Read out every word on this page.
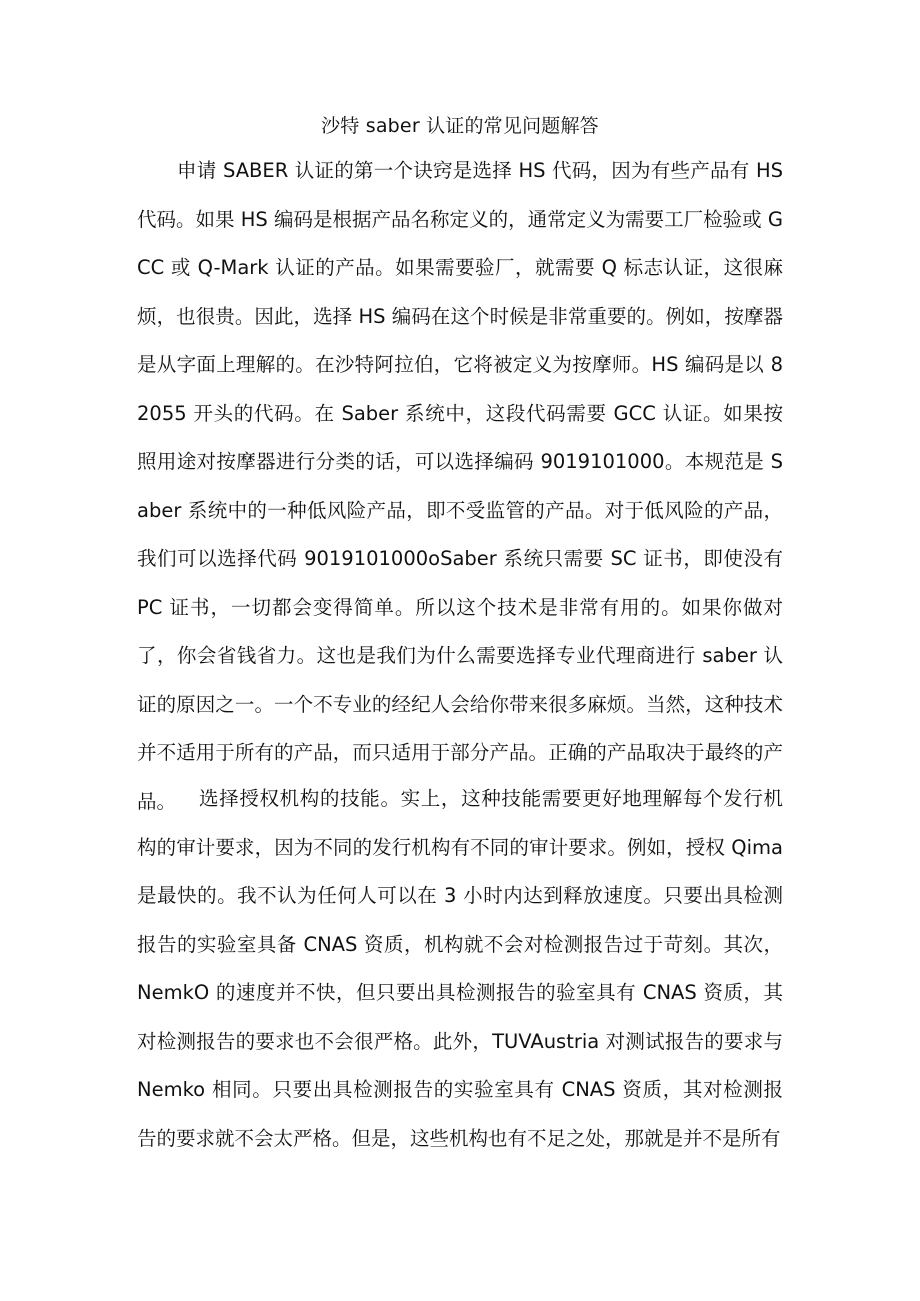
沙特 saber 认证的常见问题解答

申请 SABER 认证的第一个诀窍是选择 HS 代码，因为有些产品有 HS 代码。如果 HS 编码是根据产品名称定义的，通常定义为需要工厂检验或 GCC 或 Q-Mark 认证的产品。如果需要验厂，就需要 Q 标志认证，这很麻烦，也很贵。因此，选择 HS 编码在这个时候是非常重要的。例如，按摩器是从字面上理解的。在沙特阿拉伯，它将被定义为按摩师。HS 编码是以 82055 开头的代码。在 Saber 系统中，这段代码需要 GCC 认证。如果按照用途对按摩器进行分类的话，可以选择编码 9019101000。本规范是 Saber 系统中的一种低风险产品，即不受监管的产品。对于低风险的产品，我们可以选择代码 9019101000oSaber 系统只需要 SC 证书，即使没有 PC 证书，一切都会变得简单。所以这个技术是非常有用的。如果你做对了，你会省钱省力。这也是我们为什么需要选择专业代理商进行 saber 认证的原因之一。一个不专业的经纪人会给你带来很多麻烦。当然，这种技术并不适用于所有的产品，而只适用于部分产品。正确的产品取决于最终的产品。	选择授权机构的技能。实上，这种技能需要更好地理解每个发行机构的审计要求，因为不同的发行机构有不同的审计要求。例如，授权 Qima 是最快的。我不认为任何人可以在 3 小时内达到释放速度。只要出具检测报告的实验室具备 CNAS 资质，机构就不会对检测报告过于苛刻。其次，NemkO 的速度并不快，但只要出具检测报告的验室具有 CNAS 资质，其对检测报告的要求也不会很严格。此外，TUVAustria 对测试报告的要求与 Nemko 相同。只要出具检测报告的实验室具有 CNAS 资质，其对检测报告的要求就不会太严格。但是，这些机构也有不足之处，那就是并不是所有
